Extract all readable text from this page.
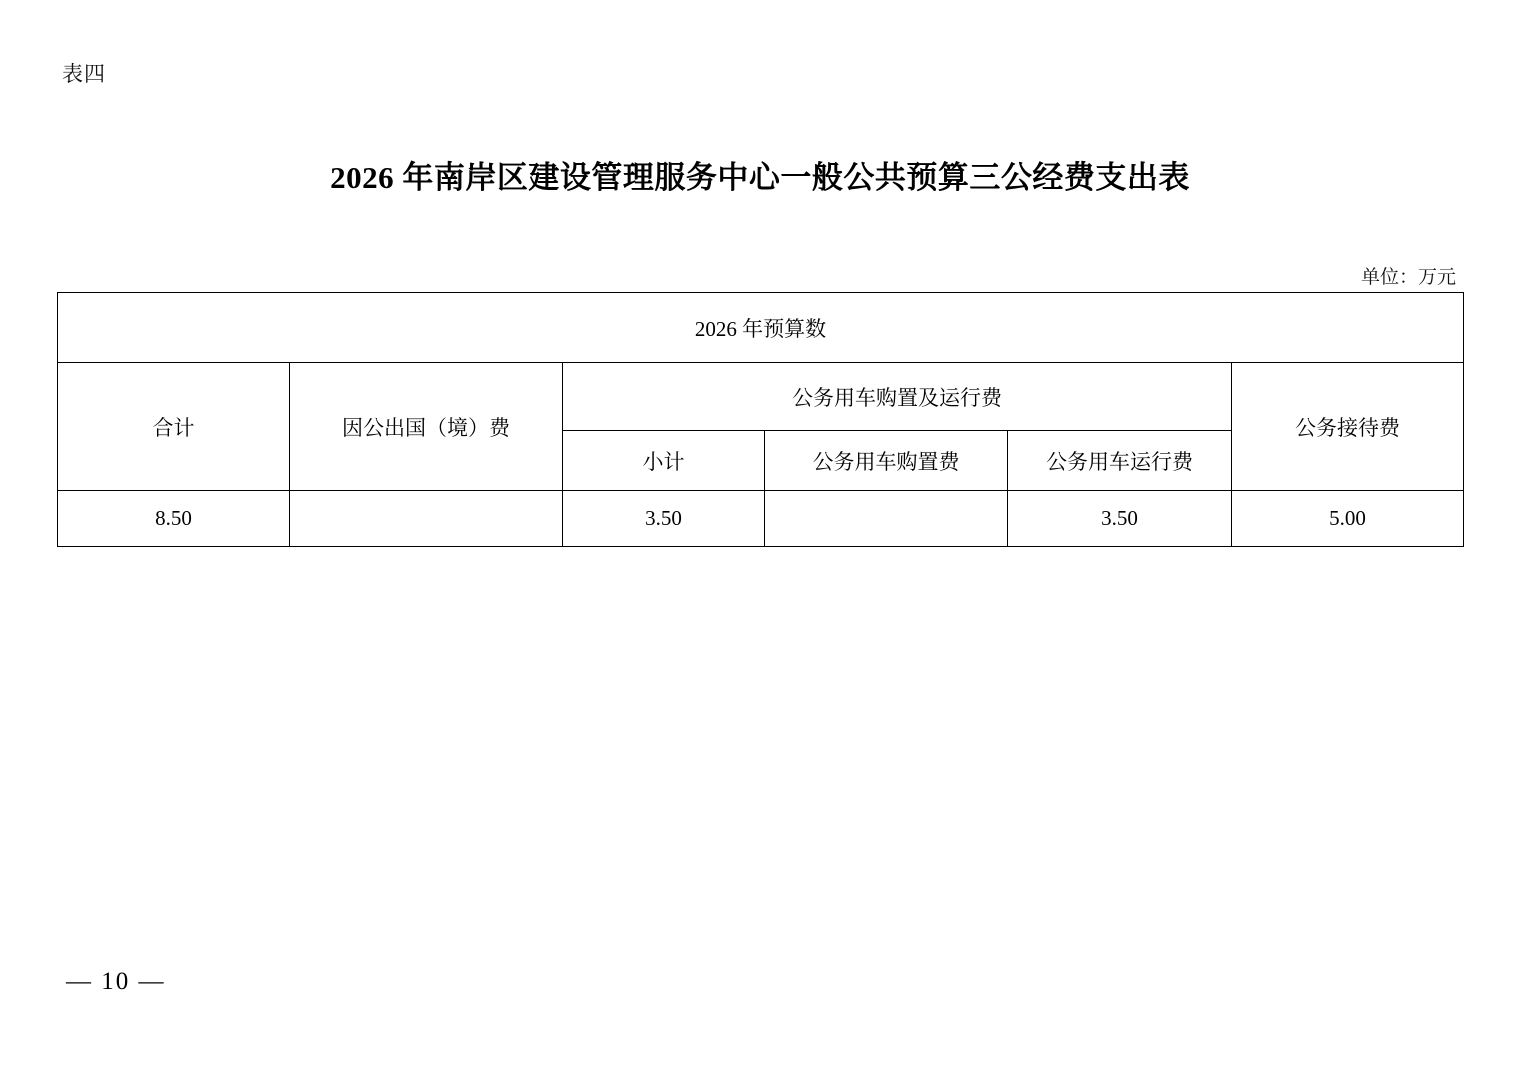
表四
2026 年南岸区建设管理服务中心一般公共预算三公经费支出表
单位：万元
2026 年预算数					
合计	因公出国（境）费	公务用车购置及运行费			公务接待费
		小计	公务用车购置费	公务用车运行费	
8.50		3.50		3.50	5.00
— 10 —
